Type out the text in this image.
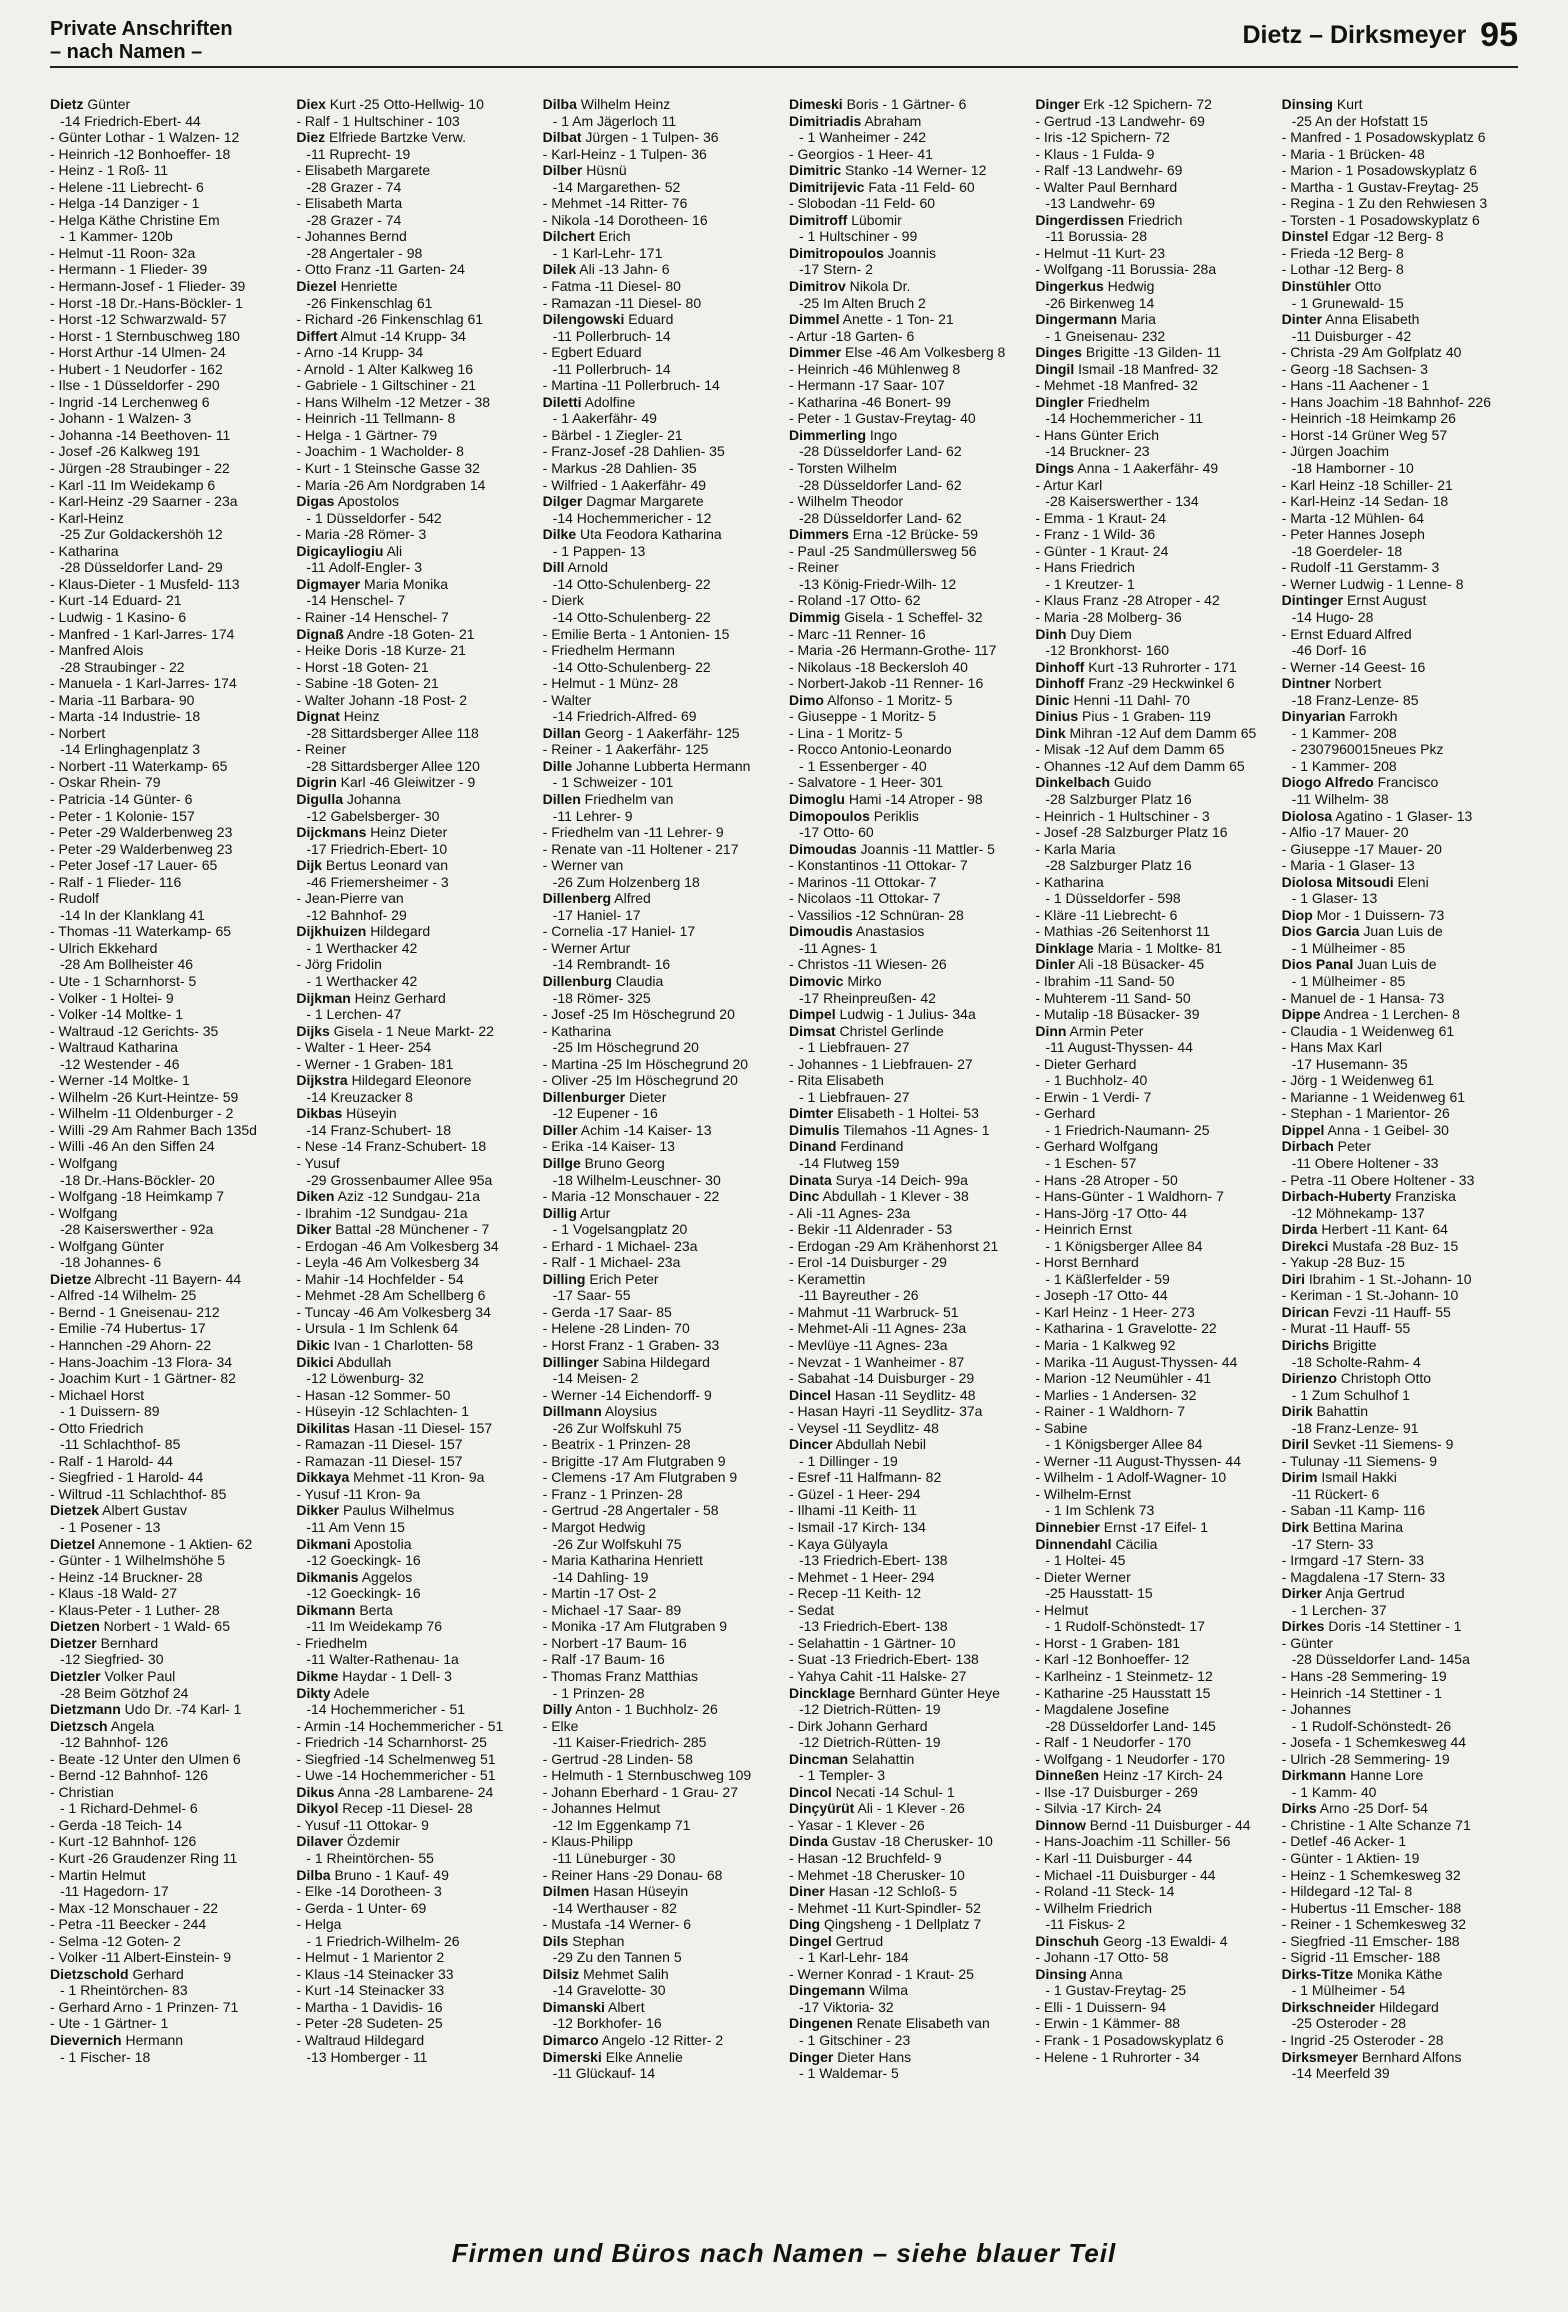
Private Anschriften
– nach Namen –
Dietz – Dirksmeyer 95
Dietz Günter
-14 Friedrich-Ebert- 44
- Günter Lothar - 1 Walzen- 12
- Heinrich -12 Bonhoeffer- 18
- Heinz - 1 Roß- 11
- Helene -11 Liebrecht- 6
- Helga -14 Danziger - 1
- Helga Käthe Christine Em
- 1 Kammer- 120b
- Helmut -11 Roon- 32a
- Hermann - 1 Flieder- 39
- Hermann-Josef - 1 Flieder- 39
- Horst -18 Dr.-Hans-Böckler- 1
- Horst -12 Schwarzwald- 57
- Horst - 1 Sternbuschweg 180
- Horst Arthur -14 Ulmen- 24
- Hubert - 1 Neudorfer - 162
- Ilse - 1 Düsseldorfer - 290
- Ingrid -14 Lerchenweg 6
- Johann - 1 Walzen- 3
- Johanna -14 Beethoven- 11
- Josef -26 Kalkweg 191
- Jürgen -28 Straubinger - 22
- Karl -11 Im Weidekamp 6
- Karl-Heinz -29 Saarner - 23a
- Karl-Heinz
-25 Zur Goldackershöh 12
- Katharina
-28 Düsseldorfer Land- 29
- Klaus-Dieter - 1 Musfeld- 113
- Kurt -14 Eduard- 21
- Ludwig - 1 Kasino- 6
- Manfred - 1 Karl-Jarres- 174
- Manfred Alois
-28 Straubinger - 22
- Manuela - 1 Karl-Jarres- 174
- Maria -11 Barbara- 90
- Marta -14 Industrie- 18
- Norbert
-14 Erlinghagenplatz 3
- Norbert -11 Waterkamp- 65
- Oskar Rhein- 79
- Patricia -14 Günter- 6
- Peter - 1 Kolonie- 157
- Peter -29 Walderbenweg 23
- Peter -29 Walderbenweg 23
- Peter Josef -17 Lauer- 65
- Ralf - 1 Flieder- 116
- Rudolf
-14 In der Klanklang 41
- Thomas -11 Waterkamp- 65
- Ulrich Ekkehard
-28 Am Bollheister 46
- Ute - 1 Scharnhorst- 5
- Volker - 1 Holtei- 9
- Volker -14 Moltke- 1
- Waltraud -12 Gerichts- 35
- Waltraud Katharina
-12 Westender - 46
- Werner -14 Moltke- 1
- Wilhelm -26 Kurt-Heintze- 59
- Wilhelm -11 Oldenburger - 2
- Willi -29 Am Rahmer Bach 135d
- Willi -46 An den Siffen 24
- Wolfgang
-18 Dr.-Hans-Böckler- 20
- Wolfgang -18 Heimkamp 7
- Wolfgang
-28 Kaiserswerther - 92a
- Wolfgang Günter
-18 Johannes- 6
Dietze Albrecht -11 Bayern- 44
- Alfred -14 Wilhelm- 25
- Bernd - 1 Gneisenau- 212
- Emilie -74 Hubertus- 17
- Hannchen -29 Ahorn- 22
- Hans-Joachim -13 Flora- 34
- Joachim Kurt - 1 Gärtner- 82
- Michael Horst
- 1 Duissern- 89
- Otto Friedrich
-11 Schlachthof- 85
- Ralf - 1 Harold- 44
- Siegfried - 1 Harold- 44
- Wiltrud -11 Schlachthof- 85
Dietzek Albert Gustav
- 1 Posener - 13
Dietzel Annemone - 1 Aktien- 62
- Günter - 1 Wilhelmshöhe 5
- Heinz -14 Bruckner- 28
- Klaus -18 Wald- 27
- Klaus-Peter - 1 Luther- 28
Dietzen Norbert - 1 Wald- 65
Dietzer Bernhard
-12 Siegfried- 30
Dietzler Volker Paul
-28 Beim Götzhof 24
Dietzmann Udo Dr. -74 Karl- 1
Dietzsch Angela
-12 Bahnhof- 126
- Beate -12 Unter den Ulmen 6
- Bernd -12 Bahnhof- 126
- Christian
- 1 Richard-Dehmel- 6
- Gerda -18 Teich- 14
- Kurt -12 Bahnhof- 126
- Kurt -26 Graudenzer Ring 11
- Martin Helmut
-11 Hagedorn- 17
- Max -12 Monschauer - 22
- Petra -11 Beecker - 244
- Selma -12 Goten- 2
- Volker -11 Albert-Einstein- 9
Dietzschold Gerhard
- 1 Rheintörchen- 83
- Gerhard Arno - 1 Prinzen- 71
- Ute - 1 Gärtner- 1
Dievernich Hermann
- 1 Fischer- 18
Diex Kurt -25 Otto-Hellwig- 10
- Ralf - 1 Hultschiner - 103
Diez Elfriede Bartzke Verw.
-11 Ruprecht- 19
- Elisabeth Margarete
-28 Grazer - 74
- Elisabeth Marta
-28 Grazer - 74
- Johannes Bernd
-28 Angertaler - 98
- Otto Franz -11 Garten- 24
Diezel Henriette
-26 Finkenschlag 61
- Richard -26 Finkenschlag 61
Differt Almut -14 Krupp- 34
- Arno -14 Krupp- 34
- Arnold - 1 Alter Kalkweg 16
- Gabriele - 1 Giltschiner - 21
- Hans Wilhelm -12 Metzer - 38
- Heinrich -11 Tellmann- 8
- Helga - 1 Gärtner- 79
- Joachim - 1 Wacholder- 8
- Kurt - 1 Steinsche Gasse 32
- Maria -26 Am Nordgraben 14
Digas Apostolos
- 1 Düsseldorfer - 542
- Maria -28 Römer- 3
Digicayliogiu Ali
-11 Adolf-Engler- 3
Digmayer Maria Monika
-14 Henschel- 7
- Rainer -14 Henschel- 7
Dignaß Andre -18 Goten- 21
- Heike Doris -18 Kurze- 21
- Horst -18 Goten- 21
- Sabine -18 Goten- 21
- Walter Johann -18 Post- 2
Dignat Heinz
-28 Sittardsberger Allee 118
- Reiner
-28 Sittardsberger Allee 120
Digrin Karl -46 Gleiwitzer - 9
Digulla Johanna
-12 Gabelsberger- 30
Dijckmans Heinz Dieter
-17 Friedrich-Ebert- 10
Dijk Bertus Leonard van
-46 Friemersheimer - 3
- Jean-Pierre van
-12 Bahnhof- 29
Dijkhuizen Hildegard
- 1 Werthacker 42
- Jörg Fridolin
- 1 Werthacker 42
Dijkman Heinz Gerhard
- 1 Lerchen- 47
Dijks Gisela - 1 Neue Markt- 22
- Walter - 1 Heer- 254
- Werner - 1 Graben- 181
Dijkstra Hildegard Eleonore
-14 Kreuzacker 8
Dikbas Hüseyin
-14 Franz-Schubert- 18
- Nese -14 Franz-Schubert- 18
- Yusuf
-29 Grossenbaumer Allee 95a
Diken Aziz -12 Sundgau- 21a
- Ibrahim -12 Sundgau- 21a
Diker Battal -28 Münchener - 7
- Erdogan -46 Am Volkesberg 34
- Leyla -46 Am Volkesberg 34
- Mahir -14 Hochfelder - 54
- Mehmet -28 Am Schellberg 6
- Tuncay -46 Am Volkesberg 34
- Ursula - 1 Im Schlenk 64
Dikic Ivan - 1 Charlotten- 58
Dikici Abdullah
-12 Löwenburg- 32
- Hasan -12 Sommer- 50
- Hüseyin -12 Schlachten- 1
Dikilitas Hasan -11 Diesel- 157
- Ramazan -11 Diesel- 157
- Ramazan -11 Diesel- 157
Dikkaya Mehmet -11 Kron- 9a
- Yusuf -11 Kron- 9a
Dikker Paulus Wilhelmus
-11 Am Venn 15
Dikmani Apostolia
-12 Goeckingk- 16
Dikmanis Aggelos
-12 Goeckingk- 16
Dikmann Berta
-11 Im Weidekamp 76
- Friedhelm
-11 Walter-Rathenau- 1a
Dikme Haydar - 1 Dell- 3
Dikty Adele
-14 Hochemmericher - 51
- Armin -14 Hochemmericher - 51
- Friedrich -14 Scharnhorst- 25
- Siegfried -14 Schelmenweg 51
- Uwe -14 Hochemmericher - 51
Dikus Anna -28 Lambarene- 24
Dikyol Recep -11 Diesel- 28
- Yusuf -11 Ottokar- 9
Dilaver Özdemir
- 1 Rheintörchen- 55
Dilba Bruno - 1 Kauf- 49
- Elke -14 Dorotheen- 3
- Gerda - 1 Unter- 69
- Helga
- 1 Friedrich-Wilhelm- 26
- Helmut - 1 Marientor 2
- Klaus -14 Steinacker 33
- Kurt -14 Steinacker 33
- Martha - 1 Davidis- 16
- Peter -28 Sudeten- 25
- Waltraud Hildegard
-13 Homberger - 11
Dilba Wilhelm Heinz
- 1 Am Jägerloch 11
Dilbat Jürgen - 1 Tulpen- 36
- Karl-Heinz - 1 Tulpen- 36
Dilber Hüsnü
-14 Margarethen- 52
- Mehmet -14 Ritter- 76
- Nikola -14 Dorotheen- 16
Dilchert Erich
- 1 Karl-Lehr- 171
Dilek Ali -13 Jahn- 6
- Fatma -11 Diesel- 80
- Ramazan -11 Diesel- 80
Dilengowski Eduard
-11 Pollerbruch- 14
- Egbert Eduard
-11 Pollerbruch- 14
- Martina -11 Pollerbruch- 14
Diletti Adolfine
- 1 Aakerfähr- 49
- Bärbel - 1 Ziegler- 21
- Franz-Josef -28 Dahlien- 35
- Markus -28 Dahlien- 35
- Wilfried - 1 Aakerfähr- 49
Dilger Dagmar Margarete
-14 Hochemmericher - 12
Dilke Uta Feodora Katharina
- 1 Pappen- 13
Dill Arnold
-14 Otto-Schulenberg- 22
- Dierk
-14 Otto-Schulenberg- 22
- Emilie Berta - 1 Antonien- 15
- Friedhelm Hermann
-14 Otto-Schulenberg- 22
- Helmut - 1 Münz- 28
- Walter
-14 Friedrich-Alfred- 69
Dillan Georg - 1 Aakerfähr- 125
- Reiner - 1 Aakerfähr- 125
Dille Johanne Lubberta Hermann
- 1 Schweizer - 101
Dillen Friedhelm van
-11 Lehrer- 9
- Friedhelm van -11 Lehrer- 9
- Renate van -11 Holtener - 217
- Werner van
-26 Zum Holzenberg 18
Dillenberg Alfred
-17 Haniel- 17
- Cornelia -17 Haniel- 17
- Werner Artur
-14 Rembrandt- 16
Dillenburg Claudia
-18 Römer- 325
- Josef -25 Im Höschegrund 20
- Katharina
-25 Im Höschegrund 20
- Martina -25 Im Höschegrund 20
- Oliver -25 Im Höschegrund 20
Dillenburger Dieter
-12 Eupener - 16
Diller Achim -14 Kaiser- 13
- Erika -14 Kaiser- 13
Dillge Bruno Georg
-18 Wilhelm-Leuschner- 30
- Maria -12 Monschauer - 22
Dillig Artur
- 1 Vogelsangplatz 20
- Erhard - 1 Michael- 23a
- Ralf - 1 Michael- 23a
Dilling Erich Peter
-17 Saar- 55
- Gerda -17 Saar- 85
- Helene -28 Linden- 70
- Horst Franz - 1 Graben- 33
Dillinger Sabina Hildegard
-14 Meisen- 2
- Werner -14 Eichendorff- 9
Dillmann Aloysius
-26 Zur Wolfskuhl 75
- Beatrix - 1 Prinzen- 28
- Brigitte -17 Am Flutgraben 9
- Clemens -17 Am Flutgraben 9
- Franz - 1 Prinzen- 28
- Gertrud -28 Angertaler - 58
- Margot Hedwig
-26 Zur Wolfskuhl 75
- Maria Katharina Henriett
-14 Dahling- 19
- Martin -17 Ost- 2
- Michael -17 Saar- 89
- Monika -17 Am Flutgraben 9
- Norbert -17 Baum- 16
- Ralf -17 Baum- 16
- Thomas Franz Matthias
- 1 Prinzen- 28
Dilly Anton - 1 Buchholz- 26
- Elke
-11 Kaiser-Friedrich- 285
- Gertrud -28 Linden- 58
- Helmuth - 1 Sternbuschweg 109
- Johann Eberhard - 1 Grau- 27
- Johannes Helmut
-12 Im Eggenkamp 71
- Klaus-Philipp
-11 Lüneburger - 30
- Reiner Hans -29 Donau- 68
Dilmen Hasan Hüseyin
-14 Werthauser - 82
- Mustafa -14 Werner- 6
Dils Stephan
-29 Zu den Tannen 5
Dilsiz Mehmet Salih
-14 Gravelotte- 30
Dimanski Albert
-12 Borkhofer- 16
Dimarco Angelo -12 Ritter- 2
Dimerski Elke Annelie
-11 Glückauf- 14
Dimeski Boris - 1 Gärtner- 6
Dimitriadis Abraham
- 1 Wanheimer - 242
- Georgios - 1 Heer- 41
Dimitric Stanko -14 Werner- 12
Dimitrijevic Fata -11 Feld- 60
- Slobodan -11 Feld- 60
Dimitroff Lübomir
- 1 Hultschiner - 99
Dimitropoulos Joannis
-17 Stern- 2
Dimitrov Nikola Dr.
-25 Im Alten Bruch 2
Dimmel Anette - 1 Ton- 21
- Artur -18 Garten- 6
Dimmer Else -46 Am Volkesberg 8
- Heinrich -46 Mühlenweg 8
- Hermann -17 Saar- 107
- Katharina -46 Bonert- 99
- Peter - 1 Gustav-Freytag- 40
Dimmerling Ingo
-28 Düsseldorfer Land- 62
- Torsten Wilhelm
-28 Düsseldorfer Land- 62
- Wilhelm Theodor
-28 Düsseldorfer Land- 62
Dimmers Erna -12 Brücke- 59
- Paul -25 Sandmüllersweg 56
- Reiner
-13 König-Friedr-Wilh- 12
- Roland -17 Otto- 62
Dimmig Gisela - 1 Scheffel- 32
- Marc -11 Renner- 16
- Maria -26 Hermann-Grothe- 117
- Nikolaus -18 Beckersloh 40
- Norbert-Jakob -11 Renner- 16
Dimo Alfonso - 1 Moritz- 5
- Giuseppe - 1 Moritz- 5
- Lina - 1 Moritz- 5
- Rocco Antonio-Leonardo
- 1 Essenberger - 40
- Salvatore - 1 Heer- 301
Dimoglu Hami -14 Atroper - 98
Dimopoulos Periklis
-17 Otto- 60
Dimoudas Joannis -11 Mattler- 5
- Konstantinos -11 Ottokar- 7
- Marinos -11 Ottokar- 7
- Nicolaos -11 Ottokar- 7
- Vassilios -12 Schnüran- 28
Dimoudis Anastasios
-11 Agnes- 1
- Christos -11 Wiesen- 26
Dimovic Mirko
-17 Rheinpreußen- 42
Dimpel Ludwig - 1 Julius- 34a
Dimsat Christel Gerlinde
- 1 Liebfrauen- 27
- Johannes - 1 Liebfrauen- 27
- Rita Elisabeth
- 1 Liebfrauen- 27
Dimter Elisabeth - 1 Holtei- 53
Dimulis Tilemahos -11 Agnes- 1
Dinand Ferdinand
-14 Flutweg 159
Dinata Surya -14 Deich- 99a
Dinc Abdullah - 1 Klever - 38
- Ali -11 Agnes- 23a
- Bekir -11 Aldenrader - 53
- Erdogan -29 Am Krähenhorst 21
- Erol -14 Duisburger - 29
- Keramettin
-11 Bayreuther - 26
- Mahmut -11 Warbruck- 51
- Mehmet-Ali -11 Agnes- 23a
- Mevlüye -11 Agnes- 23a
- Nevzat - 1 Wanheimer - 87
- Sabahat -14 Duisburger - 29
Dincel Hasan -11 Seydlitz- 48
- Hasan Hayri -11 Seydlitz- 37a
- Veysel -11 Seydlitz- 48
Dincer Abdullah Nebil
- 1 Dillinger - 19
- Esref -11 Halfmann- 82
- Güzel - 1 Heer- 294
- Ilhami -11 Keith- 11
- Ismail -17 Kirch- 134
- Kaya Gülyayla
-13 Friedrich-Ebert- 138
- Mehmet - 1 Heer- 294
- Recep -11 Keith- 12
- Sedat
-13 Friedrich-Ebert- 138
- Selahattin - 1 Gärtner- 10
- Suat -13 Friedrich-Ebert- 138
- Yahya Cahit -11 Halske- 27
Dincklage Bernhard Günter Heye
-12 Dietrich-Rütten- 19
- Dirk Johann Gerhard
-12 Dietrich-Rütten- 19
Dincman Selahattin
- 1 Templer- 3
Dincol Necati -14 Schul- 1
Dinçyürüt Ali - 1 Klever - 26
- Yasar - 1 Klever - 26
Dinda Gustav -18 Cherusker- 10
- Hasan -12 Bruchfeld- 9
- Mehmet -18 Cherusker- 10
Diner Hasan -12 Schloß- 5
- Mehmet -11 Kurt-Spindler- 52
Ding Qingsheng - 1 Dellplatz 7
Dingel Gertrud
- 1 Karl-Lehr- 184
- Werner Konrad - 1 Kraut- 25
Dingemann Wilma
-17 Viktoria- 32
Dingenen Renate Elisabeth van
- 1 Gitschiner - 23
Dinger Dieter Hans
- 1 Waldemar- 5
Dinger Erk -12 Spichern- 72
- Gertrud -13 Landwehr- 69
- Iris -12 Spichern- 72
- Klaus - 1 Fulda- 9
- Ralf -13 Landwehr- 69
- Walter Paul Bernhard
-13 Landwehr- 69
Dingerdissen Friedrich
-11 Borussia- 28
- Helmut -11 Kurt- 23
- Wolfgang -11 Borussia- 28a
Dingerkus Hedwig
-26 Birkenweg 14
Dingermann Maria
- 1 Gneisenau- 232
Dinges Brigitte -13 Gilden- 11
Dingil Ismail -18 Manfred- 32
- Mehmet -18 Manfred- 32
Dingler Friedhelm
-14 Hochemmericher - 11
- Hans Günter Erich
-14 Bruckner- 23
Dings Anna - 1 Aakerfähr- 49
- Artur Karl
-28 Kaiserswerther - 134
- Emma - 1 Kraut- 24
- Franz - 1 Wild- 36
- Günter - 1 Kraut- 24
- Hans Friedrich
- 1 Kreutzer- 1
- Klaus Franz -28 Atroper - 42
- Maria -28 Molberg- 36
Dinh Duy Diem
-12 Bronkhorst- 160
Dinhoff Kurt -13 Ruhrorter - 171
Dinhoff Franz -29 Heckwinkel 6
Dinic Henni -11 Dahl- 70
Dinius Pius - 1 Graben- 119
Dink Mihran -12 Auf dem Damm 65
- Misak -12 Auf dem Damm 65
- Ohannes -12 Auf dem Damm 65
Dinkelbach Guido
-28 Salzburger Platz 16
- Heinrich - 1 Hultschiner - 3
- Josef -28 Salzburger Platz 16
- Karla Maria
-28 Salzburger Platz 16
- Katharina
- 1 Düsseldorfer - 598
- Kläre -11 Liebrecht- 6
- Mathias -26 Seitenhorst 11
Dinklage Maria - 1 Moltke- 81
Dinler Ali -18 Büsacker- 45
- Ibrahim -11 Sand- 50
- Muhterem -11 Sand- 50
- Mutalip -18 Büsacker- 39
Dinn Armin Peter
-11 August-Thyssen- 44
- Dieter Gerhard
- 1 Buchholz- 40
- Erwin - 1 Verdi- 7
- Gerhard
- 1 Friedrich-Naumann- 25
- Gerhard Wolfgang
- 1 Eschen- 57
- Hans -28 Atroper - 50
- Hans-Günter - 1 Waldhorn- 7
- Hans-Jörg -17 Otto- 44
- Heinrich Ernst
- 1 Königsberger Allee 84
- Horst Bernhard
- 1 Käßlerfelder - 59
- Joseph -17 Otto- 44
- Karl Heinz - 1 Heer- 273
- Katharina - 1 Gravelotte- 22
- Maria - 1 Kalkweg 92
- Marika -11 August-Thyssen- 44
- Marion -12 Neumühler - 41
- Marlies - 1 Andersen- 32
- Rainer - 1 Waldhorn- 7
- Sabine
- 1 Königsberger Allee 84
- Werner -11 August-Thyssen- 44
- Wilhelm - 1 Adolf-Wagner- 10
- Wilhelm-Ernst
- 1 Im Schlenk 73
Dinnebier Ernst -17 Eifel- 1
Dinnendahl Cäcilia
- 1 Holtei- 45
- Dieter Werner
-25 Hausstatt- 15
- Helmut
- 1 Rudolf-Schönstedt- 17
- Horst - 1 Graben- 181
- Karl -12 Bonhoeffer- 12
- Karlheinz - 1 Steinmetz- 12
- Katharine -25 Hausstatt 15
- Magdalene Josefine
-28 Düsseldorfer Land- 145
- Ralf - 1 Neudorfer - 170
- Wolfgang - 1 Neudorfer - 170
Dinneßen Heinz -17 Kirch- 24
- Ilse -17 Duisburger - 269
- Silvia -17 Kirch- 24
Dinnow Bernd -11 Duisburger - 44
- Hans-Joachim -11 Schiller- 56
- Karl -11 Duisburger - 44
- Michael -11 Duisburger - 44
- Roland -11 Steck- 14
- Wilhelm Friedrich
-11 Fiskus- 2
Dinschuh Georg -13 Ewaldi- 4
- Johann -17 Otto- 58
Dinsing Anna
- 1 Gustav-Freytag- 25
- Elli - 1 Duissern- 94
- Erwin - 1 Kämmer- 88
- Frank - 1 Posadowskyplatz 6
- Helene - 1 Ruhrorter - 34
Dinsing Kurt
-25 An der Hofstatt 15
- Manfred - 1 Posadowskyplatz 6
- Maria - 1 Brücken- 48
- Marion - 1 Posadowskyplatz 6
- Martha - 1 Gustav-Freytag- 25
- Regina - 1 Zu den Rehwiesen 3
- Torsten - 1 Posadowskyplatz 6
Dinstel Edgar -12 Berg- 8
- Frieda -12 Berg- 8
- Lothar -12 Berg- 8
Dinstühler Otto
- 1 Grunewald- 15
Dinter Anna Elisabeth
-11 Duisburger - 42
- Christa -29 Am Golfplatz 40
- Georg -18 Sachsen- 3
- Hans -11 Aachener - 1
- Hans Joachim -18 Bahnhof- 226
- Heinrich -18 Heimkamp 26
- Horst -14 Grüner Weg 57
- Jürgen Joachim
-18 Hamborner - 10
- Karl Heinz -18 Schiller- 21
- Karl-Heinz -14 Sedan- 18
- Marta -12 Mühlen- 64
- Peter Hannes Joseph
-18 Goerdeler- 18
- Rudolf -11 Gerstamm- 3
- Werner Ludwig - 1 Lenne- 8
Dintinger Ernst August
-14 Hugo- 28
- Ernst Eduard Alfred
-46 Dorf- 16
- Werner -14 Geest- 16
Dintner Norbert
-18 Franz-Lenze- 85
Dinyarian Farrokh
- 1 Kammer- 208
- 2307960015neues Pkz
- 1 Kammer- 208
Diogo Alfredo Francisco
-11 Wilhelm- 38
Diolosa Agatino - 1 Glaser- 13
- Alfio -17 Mauer- 20
- Giuseppe -17 Mauer- 20
- Maria - 1 Glaser- 13
Diolosa Mitsoudi Eleni
- 1 Glaser- 13
Diop Mor - 1 Duissern- 73
Dios Garcia Juan Luis de
- 1 Mülheimer - 85
Dios Panal Juan Luis de
- 1 Mülheimer - 85
- Manuel de - 1 Hansa- 73
Dippe Andrea - 1 Lerchen- 8
- Claudia - 1 Weidenweg 61
- Hans Max Karl
-17 Husemann- 35
- Jörg - 1 Weidenweg 61
- Marianne - 1 Weidenweg 61
- Stephan - 1 Marientor- 26
Dippel Anna - 1 Geibel- 30
Dirbach Peter
-11 Obere Holtener - 33
- Petra -11 Obere Holtener - 33
Dirbach-Huberty Franziska
-12 Möhnekamp- 137
Dirda Herbert -11 Kant- 64
Direkci Mustafa -28 Buz- 15
- Yakup -28 Buz- 15
Diri Ibrahim - 1 St.-Johann- 10
- Keriman - 1 St.-Johann- 10
Dirican Fevzi -11 Hauff- 55
- Murat -11 Hauff- 55
Dirichs Brigitte
-18 Scholte-Rahm- 4
Dirienzo Christoph Otto
- 1 Zum Schulhof 1
Dirik Bahattin
-18 Franz-Lenze- 91
Diril Sevket -11 Siemens- 9
- Tulunay -11 Siemens- 9
Dirim Ismail Hakki
-11 Rückert- 6
- Saban -11 Kamp- 116
Dirk Bettina Marina
-17 Stern- 33
- Irmgard -17 Stern- 33
- Magdalena -17 Stern- 33
Dirker Anja Gertrud
- 1 Lerchen- 37
Dirkes Doris -14 Stettiner - 1
- Günter
-28 Düsseldorfer Land- 145a
- Hans -28 Semmering- 19
- Heinrich -14 Stettiner - 1
- Johannes
- 1 Rudolf-Schönstedt- 26
- Josefa - 1 Schemkesweg 44
- Ulrich -28 Semmering- 19
Dirkmann Hanne Lore
- 1 Kamm- 40
Dirks Arno -25 Dorf- 54
- Christine - 1 Alte Schanze 71
- Detlef -46 Acker- 1
- Günter - 1 Aktien- 19
- Heinz - 1 Schemkesweg 32
- Hildegard -12 Tal- 8
- Hubertus -11 Emscher- 188
- Reiner - 1 Schemkesweg 32
- Siegfried -11 Emscher- 188
- Sigrid -11 Emscher- 188
Dirks-Titze Monika Käthe
- 1 Mülheimer - 54
Dirkschneider Hildegard
-25 Osteroder - 28
- Ingrid -25 Osteroder - 28
Dirksmeyer Bernhard Alfons
-14 Meerfeld 39
Firmen und Büros nach Namen – siehe blauer Teil
